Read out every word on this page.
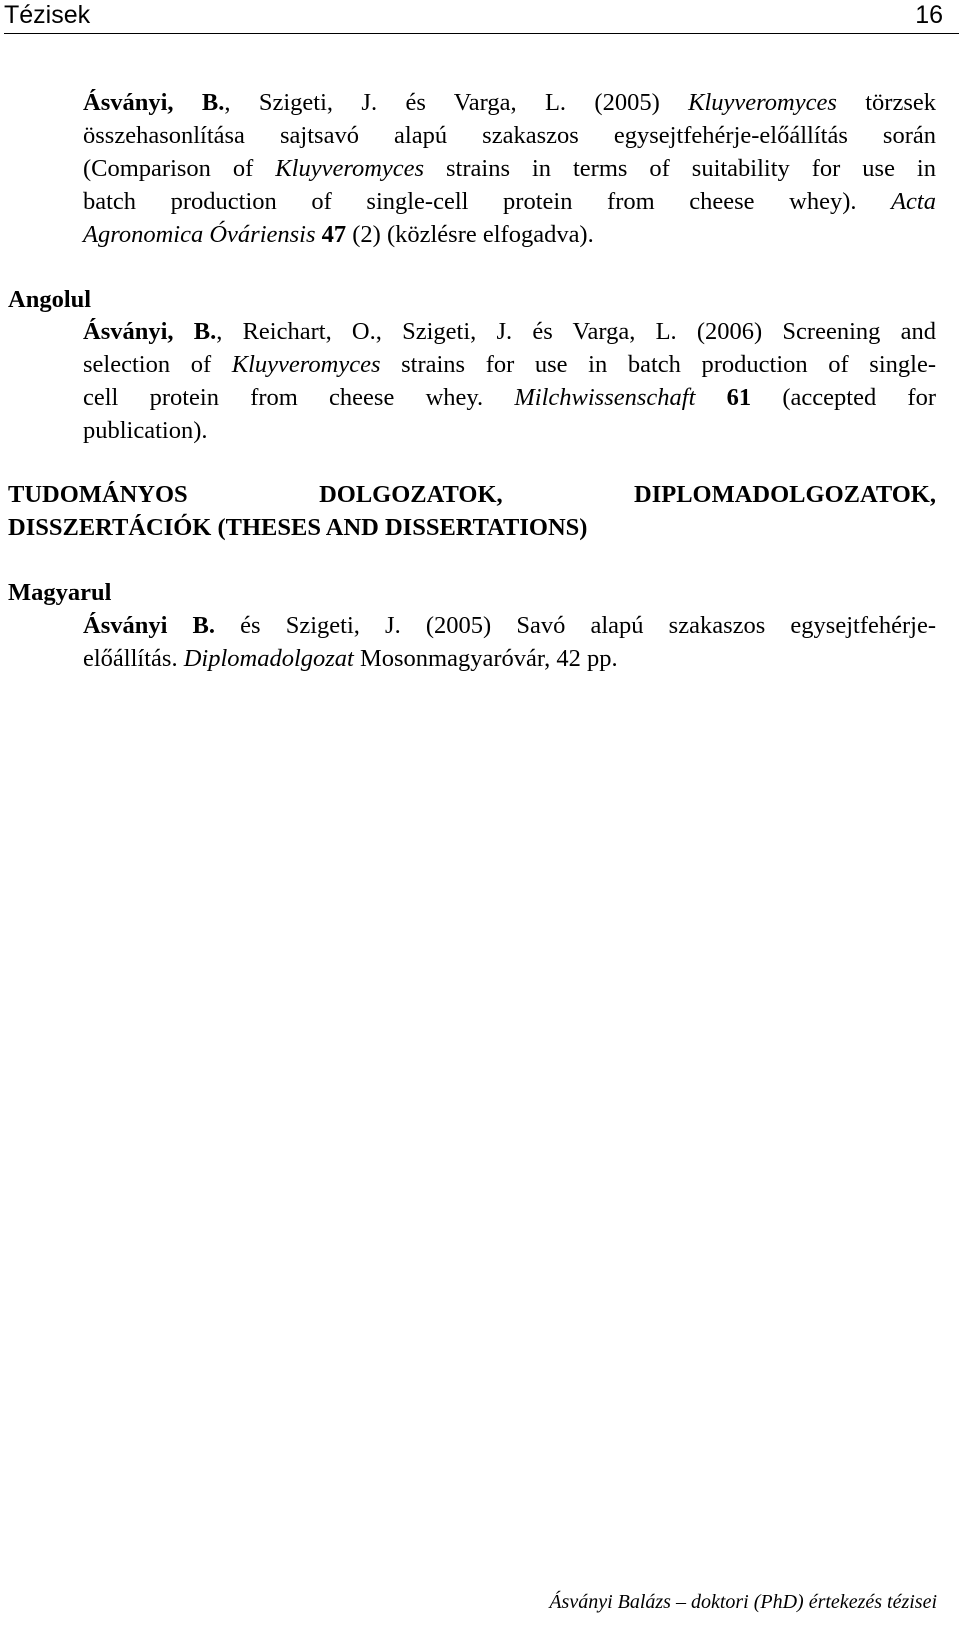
Tézisek	16
Ásványi, B., Szigeti, J. és Varga, L. (2005) Kluyveromyces törzsek
összehasonlítása sajtsavó alapú szakaszos egysejtfehérje-előállítás során
(Comparison of Kluyveromyces strains in terms of suitability for use in
batch production of single-cell protein from cheese whey). Acta
Agronomica Óváriensis 47 (2) (közlésre elfogadva).
Angolul
Ásványi, B., Reichart, O., Szigeti, J. és Varga, L. (2006) Screening and
selection of Kluyveromyces strains for use in batch production of single-
cell protein from cheese whey. Milchwissenschaft 61 (accepted for
publication).
TUDOMÁNYOS DOLGOZATOK, DIPLOMADOLGOZATOK,
DISSZERTÁCIÓK (THESES AND DISSERTATIONS)
Magyarul
Ásványi B. és Szigeti, J. (2005) Savó alapú szakaszos egysejtfehérje-
előállítás. Diplomadolgozat Mosonmagyaróvár, 42 pp.
Ásványi Balázs – doktori (PhD) értekezés tézisei
